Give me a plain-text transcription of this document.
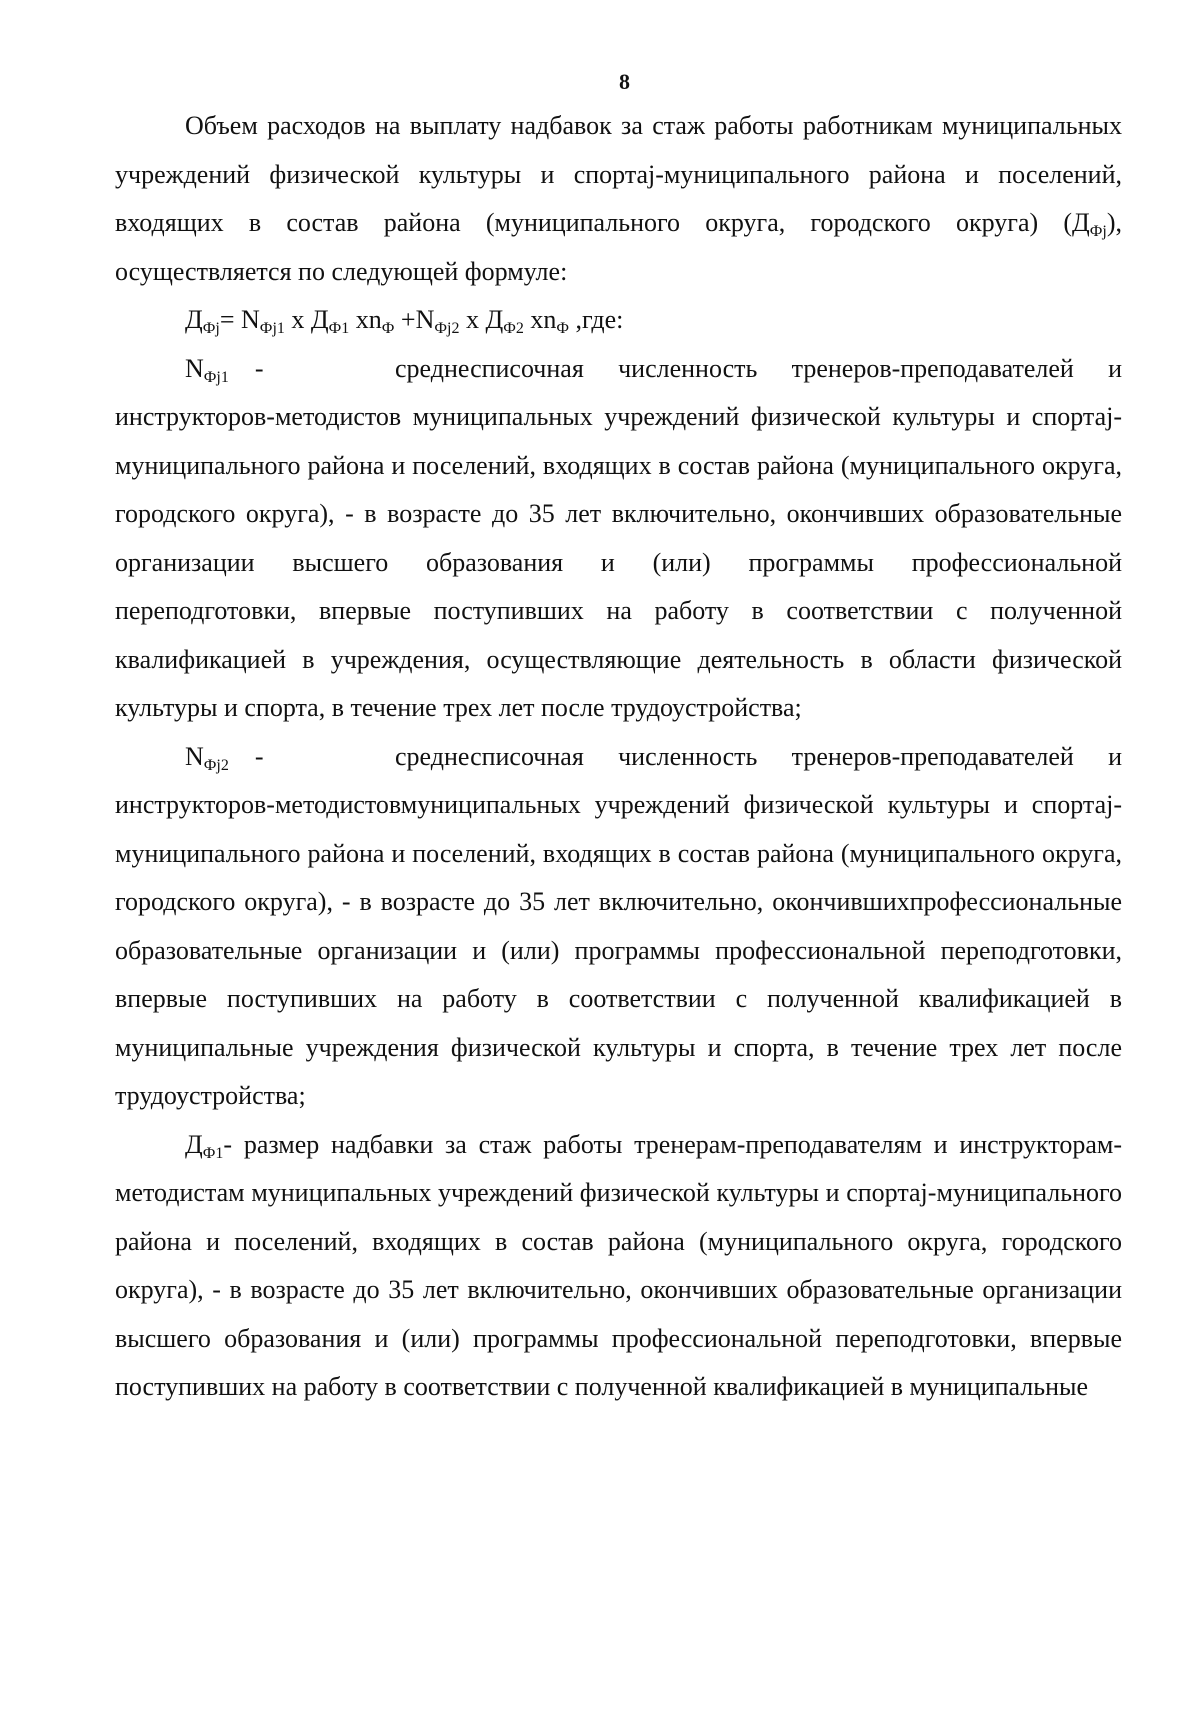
8

Объем расходов на выплату надбавок за стаж работы работникам муниципальных учреждений физической культуры и спортаj-муниципального района и поселений, входящих в состав района (муниципального округа, городского округа) $(Д_{Фj})$, осуществляется по следующей формуле:

$Д_{Фj}= N_{Фj1}$ x $Д_{Ф1}$ $xn_Ф +N_{Фj2}$ x $Д_{Ф2}$ $xn_Ф$ ,где:

$N_{Фj1}$ -	среднесписочная численность тренеров-преподавателей и инструкторов-методистов муниципальных учреждений физической культуры и спортаj-муниципального района и поселений, входящих в состав района (муниципального округа, городского округа), - в возрасте до 35 лет включительно, окончивших образовательные организации высшего образования и (или) программы профессиональной переподготовки, впервые поступивших на работу в соответствии с полученной квалификацией в учреждения, осуществляющие деятельность в области физической культуры и спорта, в течение трех лет после трудоустройства;

$N_{Фj2}$ -	среднесписочная численность тренеров-преподавателей и инструкторов-методистовмуниципальных учреждений физической культуры и спортаj-муниципального района и поселений, входящих в состав района (муниципального округа, городского округа), - в возрасте до 35 лет включительно, окончившихпрофессиональные образовательные организации и (или) программы профессиональной переподготовки, впервые поступивших на работу в соответствии с полученной квалификацией в муниципальные учреждения физической культуры и спорта, в течение трех лет после трудоустройства;

$Д_{Ф1}-$ размер надбавки за стаж работы тренерам-преподавателям и инструкторам-методистам муниципальных учреждений физической культуры и спортаj-муниципального района и поселений, входящих в состав района (муниципального округа, городского округа), - в возрасте до 35 лет включительно, окончивших образовательные организации высшего образования и (или) программы профессиональной переподготовки, впервые поступивших на работу в соответствии с полученной квалификацией в муниципальные
